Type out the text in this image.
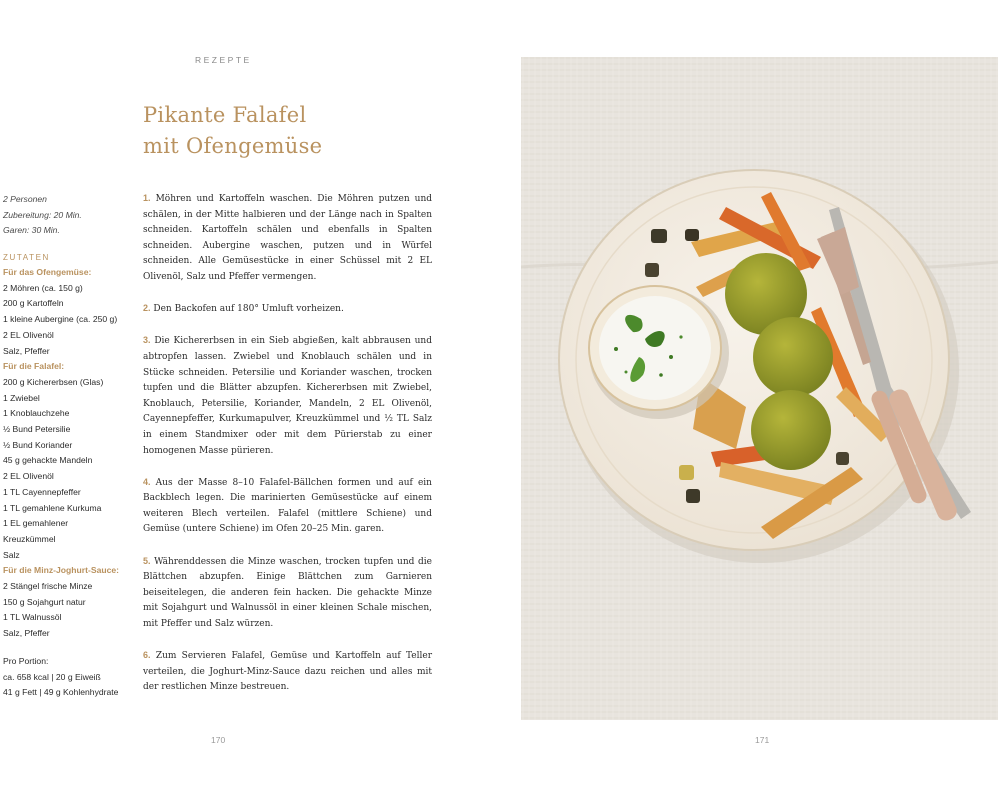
REZEPTE
Pikante Falafel
mit Ofengemüse
2 Personen
Zubereitung: 20 Min.
Garen: 30 Min.
ZUTATEN
Für das Ofengemüse:
2 Möhren (ca. 150 g)
200 g Kartoffeln
1 kleine Aubergine (ca. 250 g)
2 EL Olivenöl
Salz, Pfeffer
Für die Falafel:
200 g Kichererbsen (Glas)
1 Zwiebel
1 Knoblauchzehe
½ Bund Petersilie
½ Bund Koriander
45 g gehackte Mandeln
2 EL Olivenöl
1 TL Cayennepfeffer
1 TL gemahlene Kurkuma
1 EL gemahlener
Kreuzkümmel
Salz
Für die Minz-Joghurt-Sauce:
2 Stängel frische Minze
150 g Sojahgurt natur
1 TL Walnussöl
Salz, Pfeffer
Pro Portion:
ca. 658 kcal | 20 g Eiweiß
41 g Fett | 49 g Kohlenhydrate

1. Möhren und Kartoffeln waschen. Die Möhren putzen und schälen, in der Mitte halbieren und der Länge nach in Spalten schneiden. Kartoffeln schälen und ebenfalls in Spalten schneiden. Aubergine waschen, putzen und in Würfel schneiden. Alle Gemüsestücke in einer Schüssel mit 2 EL Olivenöl, Salz und Pfeffer vermengen.

2. Den Backofen auf 180° Umluft vorheizen.

3. Die Kichererbsen in ein Sieb abgießen, kalt abbrausen und abtropfen lassen. Zwiebel und Knoblauch schälen und in Stücke schneiden. Petersilie und Koriander waschen, trocken tupfen und die Blätter abzupfen. Kichererbsen mit Zwiebel, Knoblauch, Petersilie, Koriander, Mandeln, 2 EL Olivenöl, Cayennepfeffer, Kurkumapulver, Kreuzkümmel und ½ TL Salz in einem Standmixer oder mit dem Pürierstab zu einer homogenen Masse pürieren.

4. Aus der Masse 8–10 Falafel-Bällchen formen und auf ein Backblech legen. Die marinierten Gemüsestücke auf einem weiteren Blech verteilen. Falafel (mittlere Schiene) und Gemüse (untere Schiene) im Ofen 20–25 Min. garen.

5. Währenddessen die Minze waschen, trocken tupfen und die Blättchen abzupfen. Einige Blättchen zum Garnieren beiseitelegen, die anderen fein hacken. Die gehackte Minze mit Sojahgurt und Walnussöl in einer kleinen Schale mischen, mit Pfeffer und Salz würzen.

6. Zum Servieren Falafel, Gemüse und Kartoffeln auf Teller verteilen, die Joghurt-Minz-Sauce dazu reichen und alles mit der restlichen Minze bestreuen.

170	171
